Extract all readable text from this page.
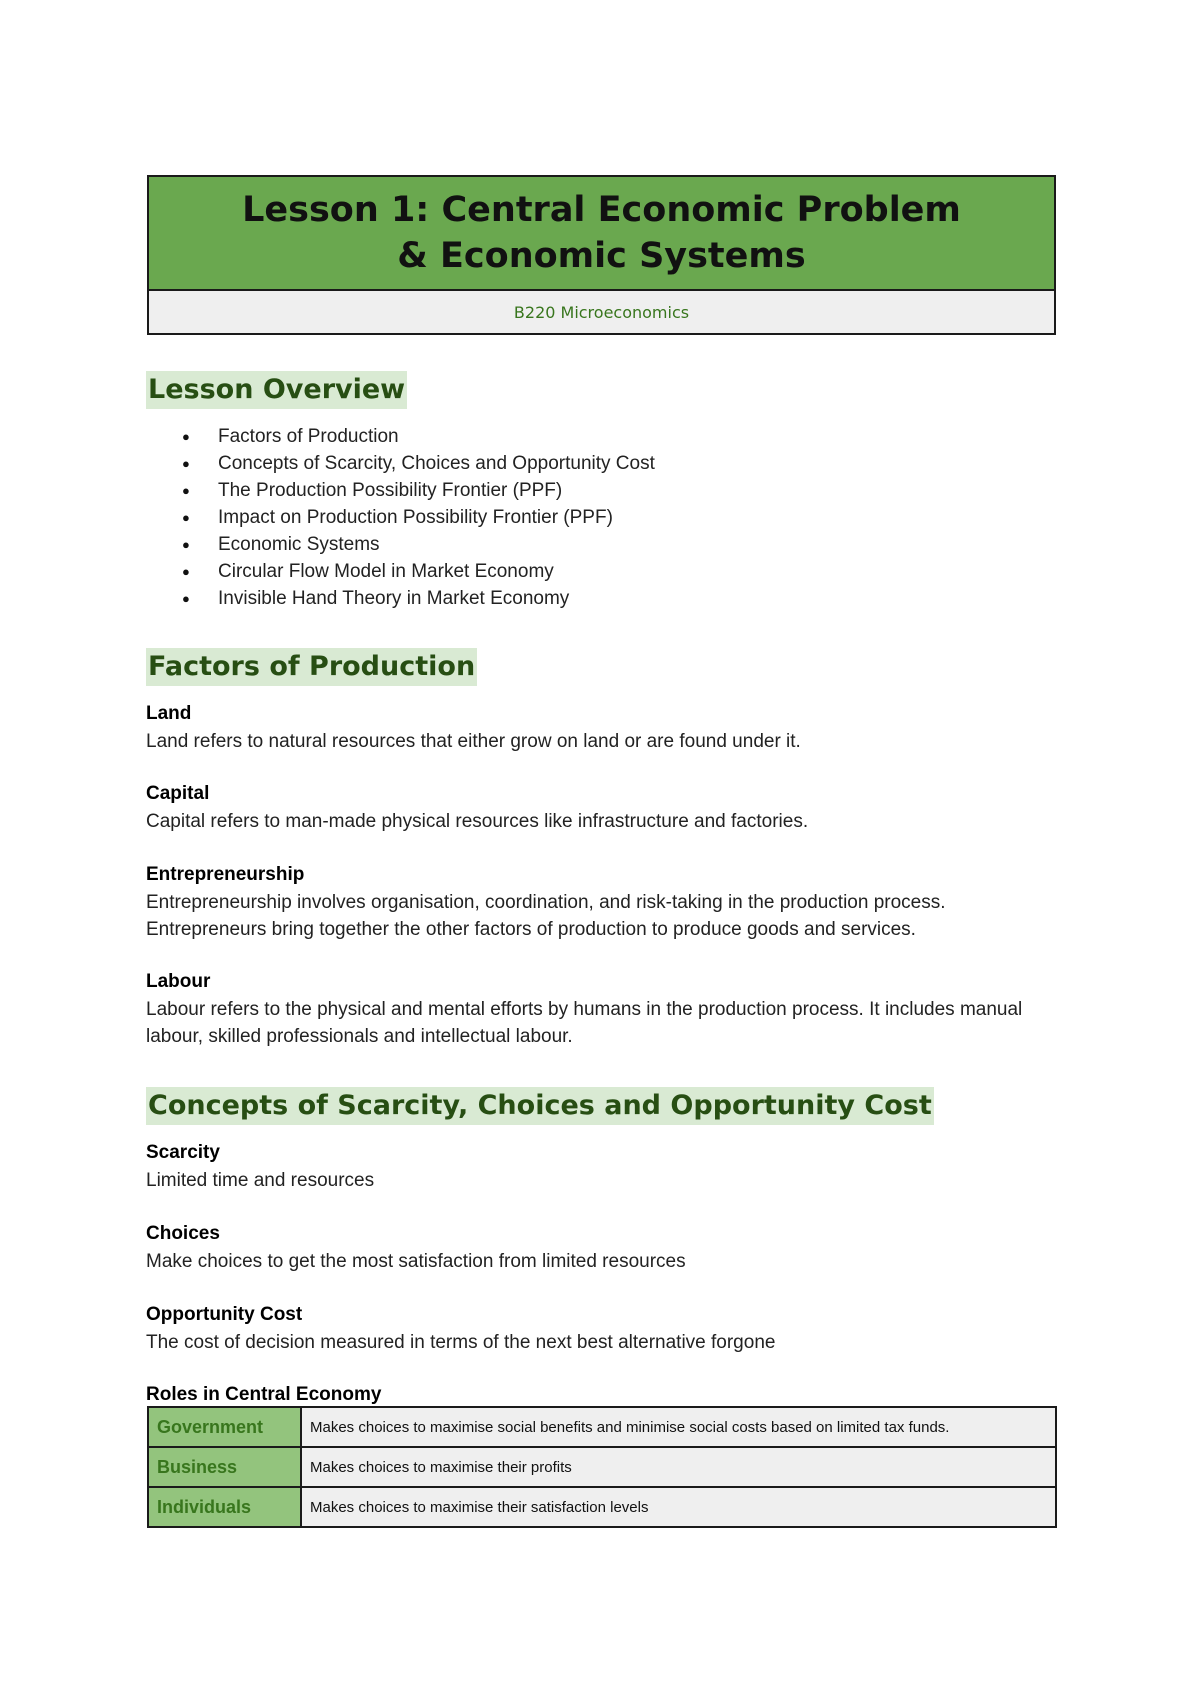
Lesson 1: Central Economic Problem & Economic Systems
B220 Microeconomics
Lesson Overview
● Factors of Production
● Concepts of Scarcity, Choices and Opportunity Cost
● The Production Possibility Frontier (PPF)
● Impact on Production Possibility Frontier (PPF)
● Economic Systems
● Circular Flow Model in Market Economy
● Invisible Hand Theory in Market Economy
Factors of Production
Land
Land refers to natural resources that either grow on land or are found under it.
Capital
Capital refers to man-made physical resources like infrastructure and factories.
Entrepreneurship
Entrepreneurship involves organisation, coordination, and risk-taking in the production process. Entrepreneurs bring together the other factors of production to produce goods and services.
Labour
Labour refers to the physical and mental efforts by humans in the production process. It includes manual labour, skilled professionals and intellectual labour.
Concepts of Scarcity, Choices and Opportunity Cost
Scarcity
Limited time and resources
Choices
Make choices to get the most satisfaction from limited resources
Opportunity Cost
The cost of decision measured in terms of the next best alternative forgone
Roles in Central Economy
Government	Makes choices to maximise social benefits and minimise social costs based on limited tax funds.
Business	Makes choices to maximise their profits
Individuals	Makes choices to maximise their satisfaction levels
